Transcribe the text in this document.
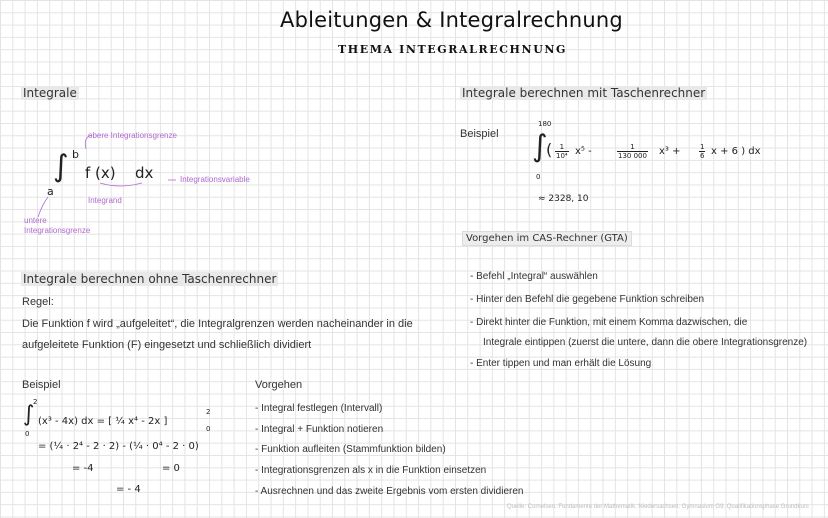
Ableitungen & Integralrechnung
THEMA INTEGRALRECHNUNG
Integrale
a
∫ b
f (x) dx
obere Integrationsgrenze
Integrand
Integrationsvariable
untere Integrationsgrenze
Integrale berechnen ohne Taschenrechner
Regel:
Die Funktion f wird „aufgeleitet“, die Integralgrenzen werden nacheinander in die
aufgeleitete Funktion (F) eingesetzt und schließlich dividiert
Beispiel
∫
2
0
(x³ - 4x) dx = [ ¼ x⁴ - 2x ]
2
0
= (¼ · 2⁴ - 2 · 2) - (¼ · 0⁴ - 2 · 0)
= -4	= 0
= - 4
Vorgehen
- Integral festlegen (Intervall)
- Integral + Funktion notieren
- Funktion aufleiten (Stammfunktion bilden)
- Integrationsgrenzen als x in die Funktion einsetzen
- Ausrechnen und das zweite Ergebnis vom ersten dividieren
Integrale berechnen mit Taschenrechner
Beispiel
180
∫
0
( $\frac{1}{\text{10⁴}} x^5$ -	$\frac{1}{130 000} x^3$ +	$\frac{1}{6}$ x + 6 ) dx
≈ 2328, 10
Vorgehen im CAS-Rechner (GTA)
- Befehl „Integral“ auswählen
- Hinter den Befehl die gegebene Funktion schreiben
- Direkt hinter die Funktion, mit einem Komma dazwischen, die
Integrale eintippen (zuerst die untere, dann die obere Integrationsgrenze)
- Enter tippen und man erhält die Lösung
Quelle: Cornelsen. Fundamente der Mathematik. Niedersachsen. Gymnasium G9. Qualifikationsphase Grundkurs
